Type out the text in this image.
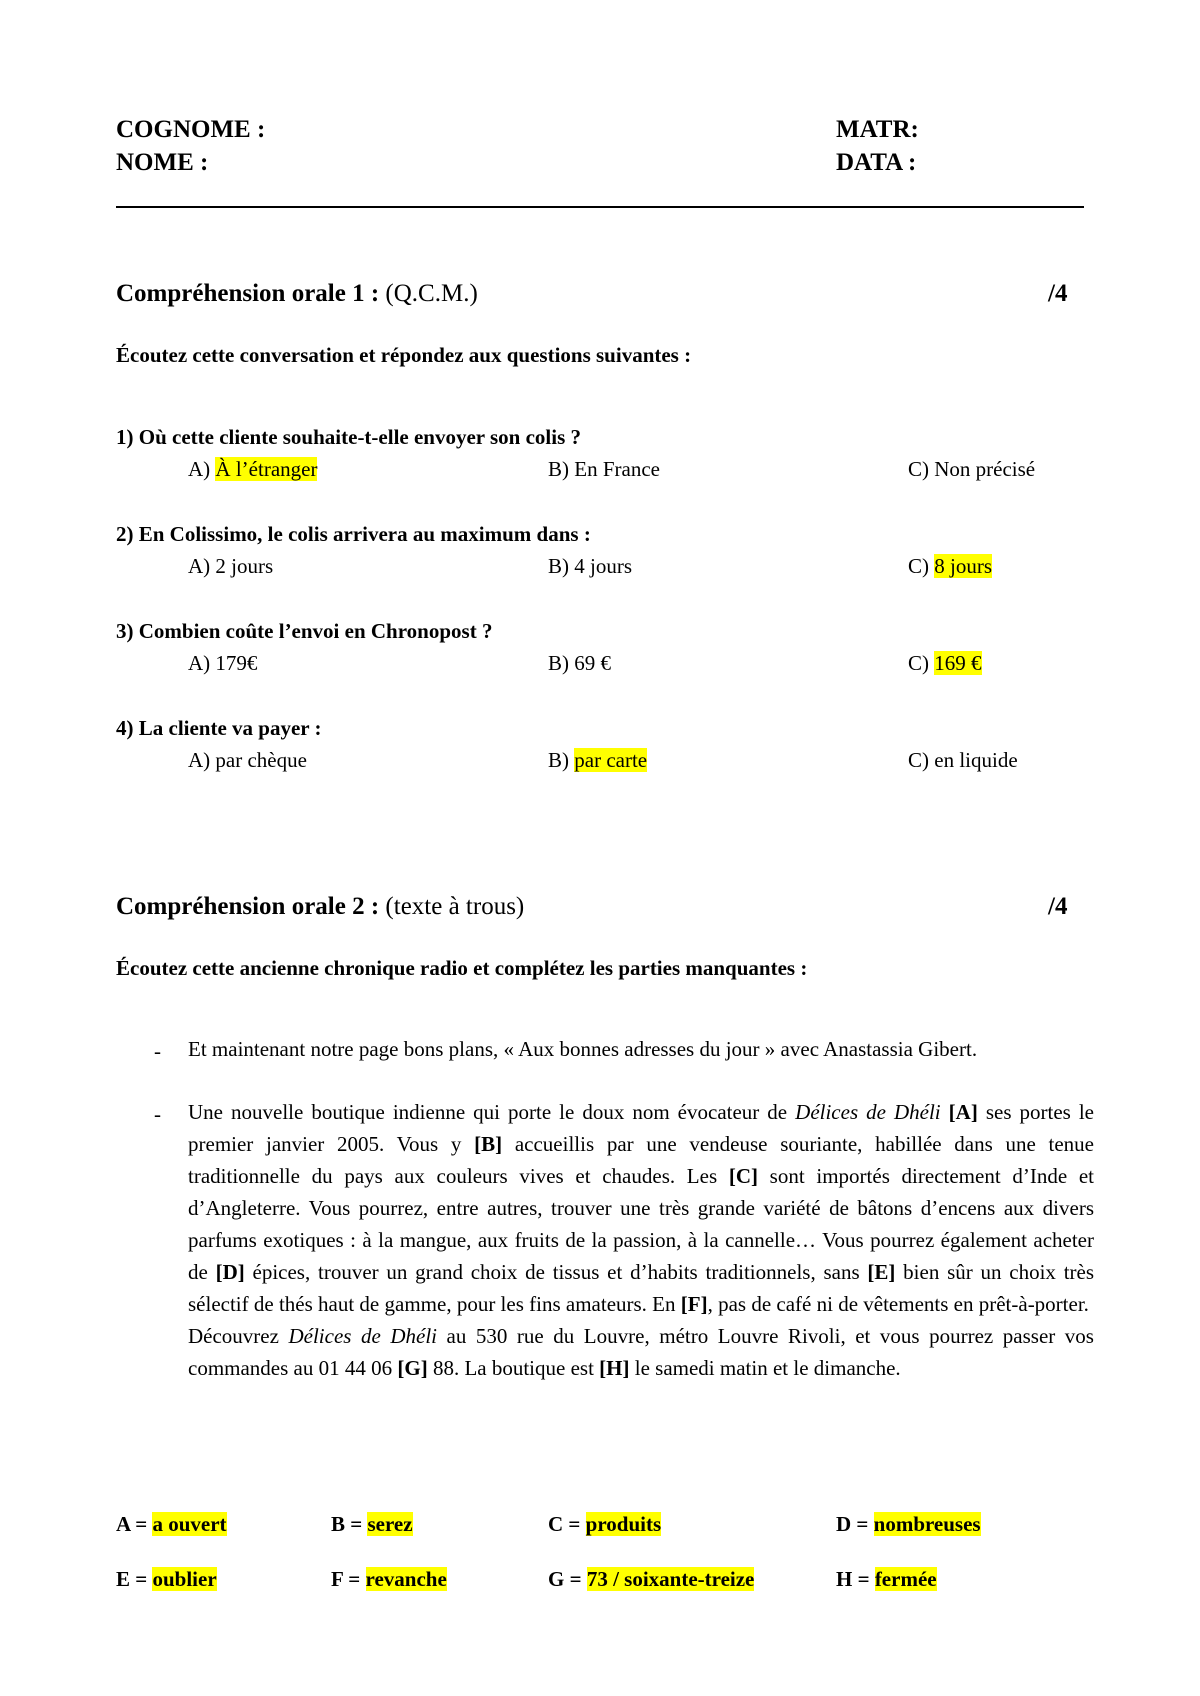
COGNOME :	MATR:
NOME :	DATA :
Compréhension orale 1 : (Q.C.M.)	/4
Écoutez cette conversation et répondez aux questions suivantes :
1) Où cette cliente souhaite-t-elle envoyer son colis ?
A) À l’étranger	B) En France	C) Non précisé
2) En Colissimo, le colis arrivera au maximum dans :
A) 2 jours	B) 4 jours	C) 8 jours
3) Combien coûte l’envoi en Chronopost ?
A) 179€	B) 69 €	C) 169 €
4) La cliente va payer :
A) par chèque	B) par carte	C) en liquide
Compréhension orale 2 : (texte à trous)	/4
Écoutez cette ancienne chronique radio et complétez les parties manquantes :
- Et maintenant notre page bons plans, « Aux bonnes adresses du jour » avec Anastassia Gibert.
- Une nouvelle boutique indienne qui porte le doux nom évocateur de Délices de Dhéli [A] ses portes le premier janvier 2005. Vous y [B] accueillis par une vendeuse souriante, habillée dans une tenue traditionnelle du pays aux couleurs vives et chaudes. Les [C] sont importés directement d’Inde et d’Angleterre. Vous pourrez, entre autres, trouver une très grande variété de bâtons d’encens aux divers parfums exotiques : à la mangue, aux fruits de la passion, à la cannelle… Vous pourrez également acheter de [D] épices, trouver un grand choix de tissus et d’habits traditionnels, sans [E] bien sûr un choix très sélectif de thés haut de gamme, pour les fins amateurs. En [F], pas de café ni de vêtements en prêt-à-porter.
Découvrez Délices de Dhéli au 530 rue du Louvre, métro Louvre Rivoli, et vous pourrez passer vos commandes au 01 44 06 [G] 88. La boutique est [H] le samedi matin et le dimanche.
A = a ouvert	B = serez	C = produits	D = nombreuses
E = oublier	F = revanche	G = 73 / soixante-treize	H = fermée
